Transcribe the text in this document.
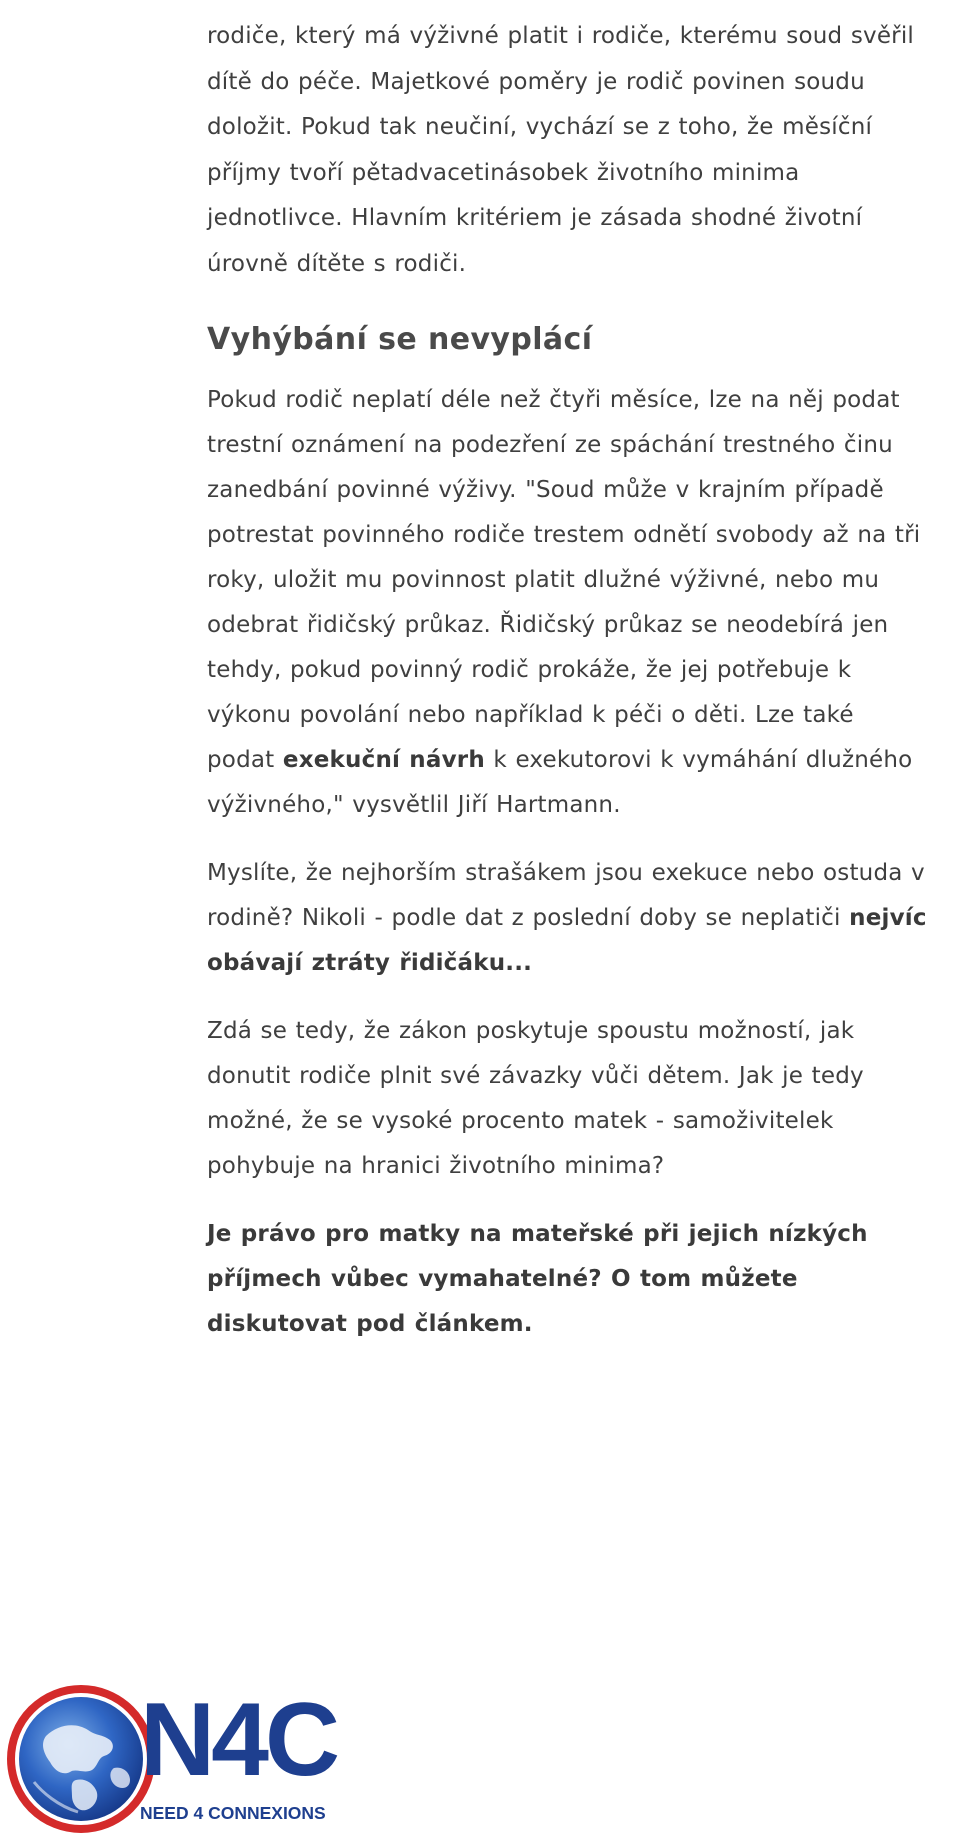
rodiče, který má výživné platit i rodiče, kterému soud svěřil dítě do péče. Majetkové poměry je rodič povinen soudu doložit. Pokud tak neučiní, vychází se z toho, že měsíční příjmy tvoří pětadvacetinásobek životního minima jednotlivce. Hlavním kritériem je zásada shodné životní úrovně dítěte s rodiči.

Vyhýbání se nevyplácí

Pokud rodič neplatí déle než čtyři měsíce, lze na něj podat trestní oznámení na podezření ze spáchání trestného činu zanedbání povinné výživy. "Soud může v krajním případě potrestat povinného rodiče trestem odnětí svobody až na tři roky, uložit mu povinnost platit dlužné výživné, nebo mu odebrat řidičský průkaz. Řidičský průkaz se neodebírá jen tehdy, pokud povinný rodič prokáže, že jej potřebuje k výkonu povolání nebo například k péči o děti. Lze také podat exekuční návrh k exekutorovi k vymáhání dlužného výživného," vysvětlil Jiří Hartmann.

Myslíte, že nejhorším strašákem jsou exekuce nebo ostuda v rodině? Nikoli - podle dat z poslední doby se neplatiči nejvíc obávají ztráty řidičáku...

Zdá se tedy, že zákon poskytuje spoustu možností, jak donutit rodiče plnit své závazky vůči dětem. Jak je tedy možné, že se vysoké procento matek - samoživitelek pohybuje na hranici životního minima?

Je právo pro matky na mateřské při jejich nízkých příjmech vůbec vymahatelné? O tom můžete diskutovat pod článkem.

N4C
NEED 4 CONNEXIONS
